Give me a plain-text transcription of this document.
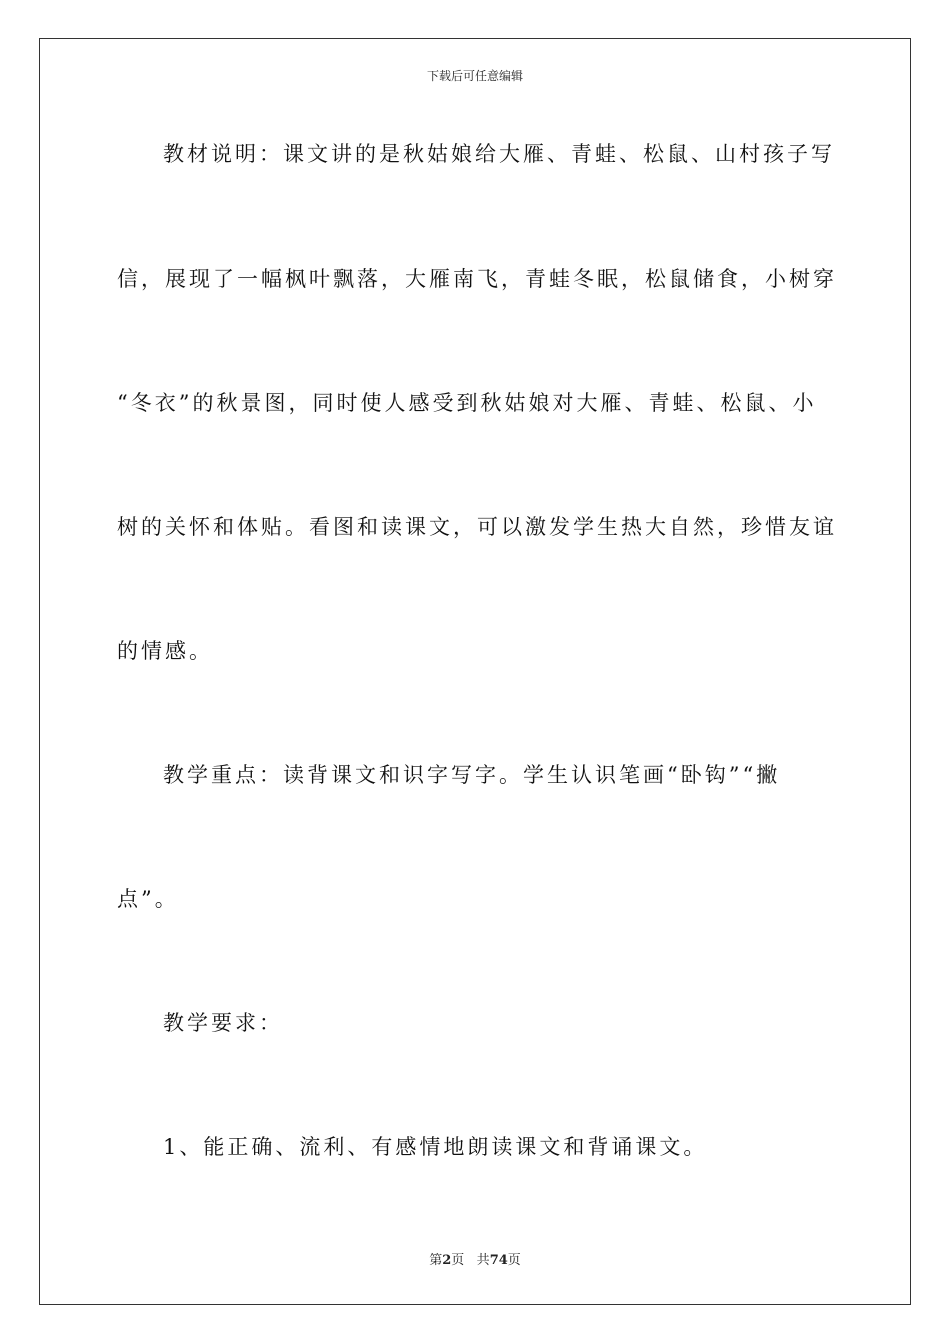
下载后可任意编辑
教材说明：课文讲的是秋姑娘给大雁、青蛙、松鼠、山村孩子写
信，展现了一幅枫叶飘落，大雁南飞，青蛙冬眠，松鼠储食，小树穿
“冬衣”的秋景图，同时使人感受到秋姑娘对大雁、青蛙、松鼠、小
树的关怀和体贴。看图和读课文，可以激发学生热大自然，珍惜友谊
的情感。
教学重点：读背课文和识字写字。学生认识笔画“卧钩”“撇
点”。
教学要求：
1、能正确、流利、有感情地朗读课文和背诵课文。
第2页 共74页
